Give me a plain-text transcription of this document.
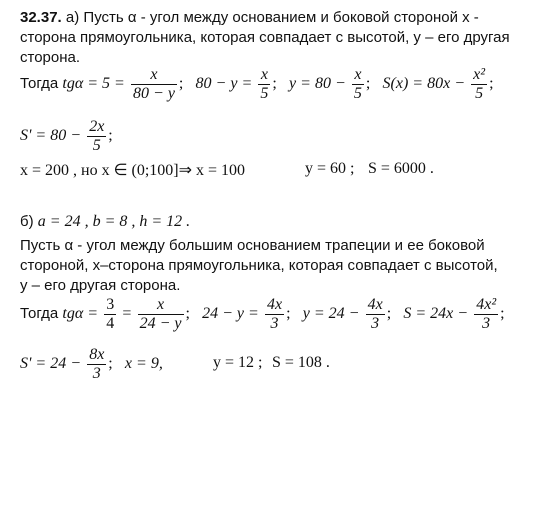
32.37. а) Пусть α - угол между основанием и боковой стороной х -
сторона прямоугольника, которая совпадает с высотой, у – его другая
сторона.
Тогда $tg\alpha = 5 = \frac{x}{80 - y}$ ;   $80 - y = \frac{x}{5}$ ;   $y = 80 - \frac{x}{5}$ ;   $S(x) = 80x - \frac{\text{x²}}{5}$ ;
$S' = 80 - \frac{2x}{5}$ ;
x = 200 , но x ∈ (0;100]⇒ x = 100	y = 60 ; S = 6000 .
б) a = 24 , b = 8 , h = 12 .
Пусть α - угол между большим основанием трапеции и ее боковой
стороной, х–сторона прямоугольника, которая совпадает с высотой,
у – его другая сторона.
Тогда $tg\alpha = \frac{3}{4} = \frac{x}{24 - y}$ ;   $24 - y = \frac{4x}{3}$ ;   $y = 24 - \frac{4x}{3}$ ;   $S = 24x - \frac{\text{4x²}}{3}$ ;
$S' = 24 - \frac{8x}{3}$ ;   x = 9,	y = 12 ; S = 108 .
